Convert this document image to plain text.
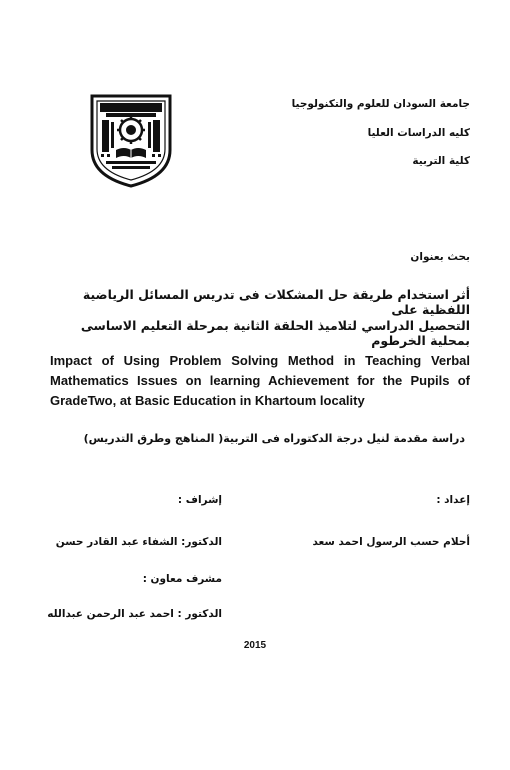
جامعة السودان للعلوم والتكنولوجيا
كليه الدراسات العليا
كلية التربية
بحث بعنوان
أثر استخدام طريقة حل المشكلات فى تدريس المسائل الرياضية اللفظية على
التحصيل الدراسي لتلاميذ الحلقة الثانية بمرحلة التعليم الاساسى بمحلية الخرطوم
Impact of Using Problem Solving Method in Teaching Verbal
Mathematics Issues on learning Achievement for the Pupils of
GradeTwo, at Basic Education in Khartoum locality
دراسة مقدمة لنيل درجة الدكتوراه فى التربية( المناهج وطرق التدريس)
إعداد :
إشراف :
أحلام حسب الرسول احمد سعد
الدكتور: الشفاء عبد القادر حسن
مشرف معاون :
الدكتور : احمد عبد الرحمن عبدالله
2015
